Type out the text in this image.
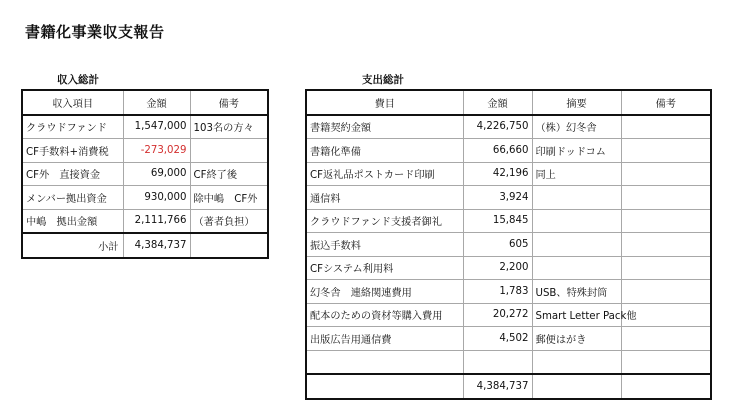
書籍化事業収支報告
収入総計	支出総計
収入項目	金額	備考
クラウドファンド	1,547,000	103名の方々
CF手数料+消費税	-273,029	
CF外　直接資金	69,000	CF終了後
メンバー拠出資金	930,000	除中嶋　CF外
中嶋　拠出金額	2,111,766	（著者負担）
小計	4,384,737	
費目	金額	摘要	備考
書籍契約金額	4,226,750	（株）幻冬舎	
書籍化準備	66,660	印刷ドッドコム	
CF返礼品ポストカード印刷	42,196	同上	
通信料	3,924		
クラウドファンド支援者御礼	15,845		
振込手数料	605		
CFシステム利用料	2,200		
幻冬舎　連絡関連費用	1,783	USB、特殊封筒	
配本のための資材等購入費用	20,272	Smart Letter Pack他	
出版広告用通信費	4,502	郵便はがき	

	4,384,737		
